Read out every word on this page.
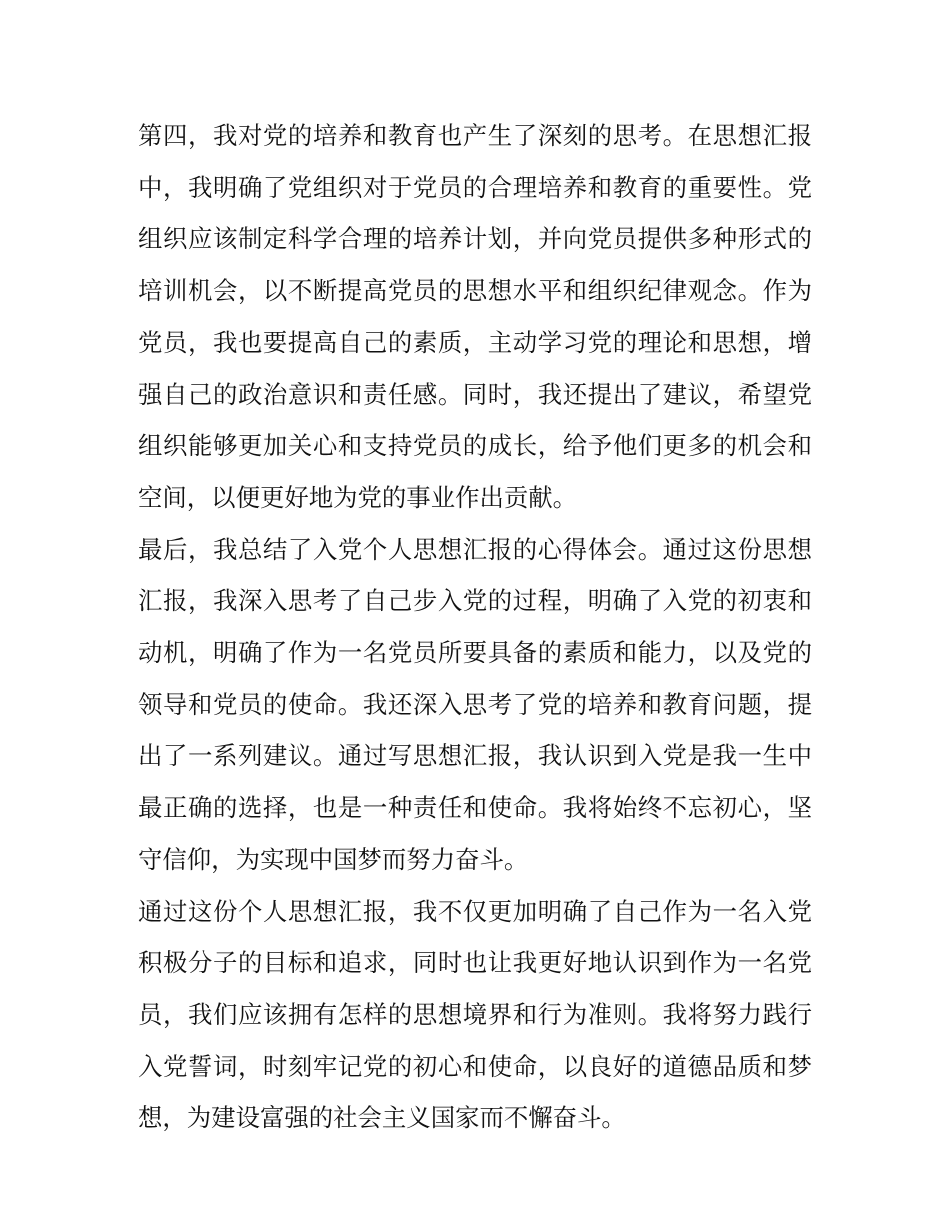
第四，我对党的培养和教育也产生了深刻的思考。在思想汇报中，我明确了党组织对于党员的合理培养和教育的重要性。党组织应该制定科学合理的培养计划，并向党员提供多种形式的培训机会，以不断提高党员的思想水平和组织纪律观念。作为党员，我也要提高自己的素质，主动学习党的理论和思想，增强自己的政治意识和责任感。同时，我还提出了建议，希望党组织能够更加关心和支持党员的成长，给予他们更多的机会和空间，以便更好地为党的事业作出贡献。

最后，我总结了入党个人思想汇报的心得体会。通过这份思想汇报，我深入思考了自己步入党的过程，明确了入党的初衷和动机，明确了作为一名党员所要具备的素质和能力，以及党的领导和党员的使命。我还深入思考了党的培养和教育问题，提出了一系列建议。通过写思想汇报，我认识到入党是我一生中最正确的选择，也是一种责任和使命。我将始终不忘初心，坚守信仰，为实现中国梦而努力奋斗。

通过这份个人思想汇报，我不仅更加明确了自己作为一名入党积极分子的目标和追求，同时也让我更好地认识到作为一名党员，我们应该拥有怎样的思想境界和行为准则。我将努力践行入党誓词，时刻牢记党的初心和使命，以良好的道德品质和梦想，为建设富强的社会主义国家而不懈奋斗。
